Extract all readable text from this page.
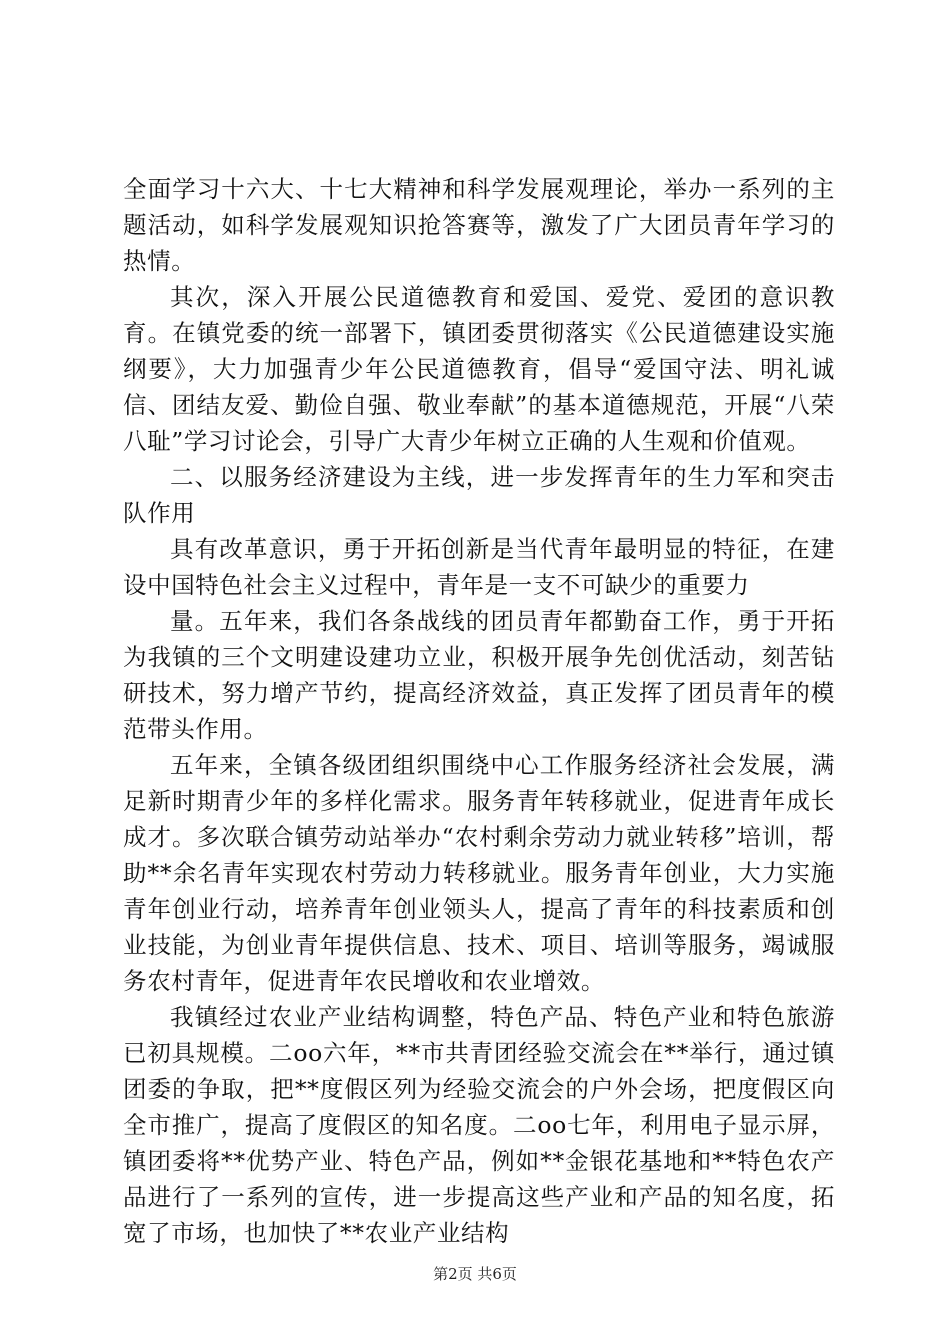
全面学习十六大、十七大精神和科学发展观理论，举办一系列的主题活动，如科学发展观知识抢答赛等，激发了广大团员青年学习的热情。

其次，深入开展公民道德教育和爱国、爱党、爱团的意识教育。在镇党委的统一部署下，镇团委贯彻落实《公民道德建设实施纲要》，大力加强青少年公民道德教育，倡导“爱国守法、明礼诚信、团结友爱、勤俭自强、敬业奉献”的基本道德规范，开展“八荣八耻”学习讨论会，引导广大青少年树立正确的人生观和价值观。

二、以服务经济建设为主线，进一步发挥青年的生力军和突击队作用

具有改革意识，勇于开拓创新是当代青年最明显的特征，在建设中国特色社会主义过程中，青年是一支不可缺少的重要力

量。五年来，我们各条战线的团员青年都勤奋工作，勇于开拓为我镇的三个文明建设建功立业，积极开展争先创优活动，刻苦钻研技术，努力增产节约，提高经济效益，真正发挥了团员青年的模范带头作用。

五年来，全镇各级团组织围绕中心工作服务经济社会发展，满足新时期青少年的多样化需求。服务青年转移就业，促进青年成长成才。多次联合镇劳动站举办“农村剩余劳动力就业转移”培训，帮助**余名青年实现农村劳动力转移就业。服务青年创业，大力实施青年创业行动，培养青年创业领头人，提高了青年的科技素质和创业技能，为创业青年提供信息、技术、项目、培训等服务，竭诚服务农村青年，促进青年农民增收和农业增效。

我镇经过农业产业结构调整，特色产品、特色产业和特色旅游已初具规模。二oo六年，**市共青团经验交流会在**举行，通过镇团委的争取，把**度假区列为经验交流会的户外会场，把度假区向全市推广，提高了度假区的知名度。二oo七年，利用电子显示屏，镇团委将**优势产业、特色产品，例如**金银花基地和**特色农产品进行了一系列的宣传，进一步提高这些产业和产品的知名度，拓宽了市场，也加快了**农业产业结构

第2页 共6页
